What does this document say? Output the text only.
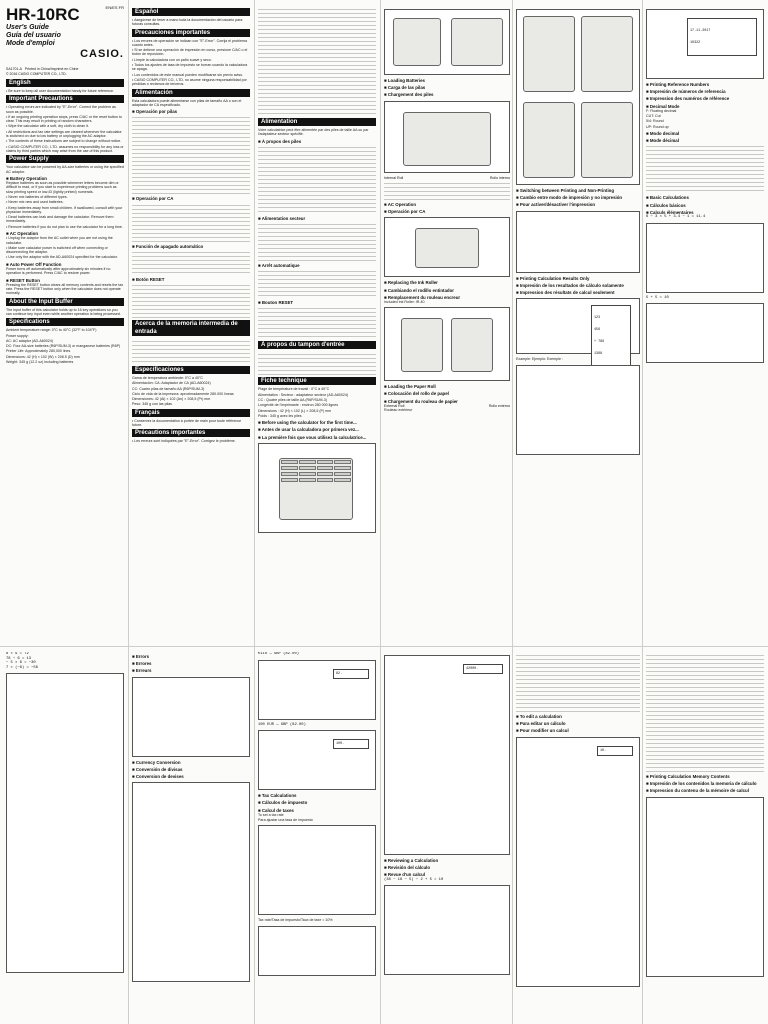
HR-10RC	EN/ES FR
User's Guide
Guía del usuario
Mode d'emploi
CASIO.
SA1701-A Printed in China/Imprimé en Chine
© 2016 CASIO COMPUTER CO., LTD.
English
• Be sure to keep all user documentation handy for future reference.
Important Precautions
• Operating errors are indicated by "E"-Error". Correct the problem as soon as possible.
• If an ongoing printing operation stops, press C/AC or the reset button to clear. This may result in printing of random characters.
• Wipe the calculator with a soft, dry cloth to clean it.
• All restrictions and tax rate settings are cleared whenever the calculator is switched on due to low battery or unplugging the AC adaptor.
• The contents of these instructions are subject to change without notice.
• CASIO COMPUTER CO., LTD. assumes no responsibility for any loss or claims by third parties which may arise from the use of this product.
Power Supply
Your calculator can be powered by AA-size batteries or using the specified AC adaptor.
■ Battery Operation
Replace batteries as soon as possible whenever letters become dim or difficult to read, or if you start to experience printing problems such as slow printing speed or low-ID (lightly printed) numerals.
• Never mix batteries of different types.
• Never mix new and used batteries.
• Keep batteries away from small children. If swallowed, consult with your physician immediately.
• Dead batteries can leak and damage the calculator. Remove them immediately.
• Remove batteries if you do not plan to use the calculator for a long time.
■ AC Operation
• Unplug the adaptor from the AC outlet when you are not using the calculator.
• Make sure calculator power is switched off when connecting or disconnecting the adaptor.
• Use only the adaptor with the AD-A60024 specified for the calculator.
■ Auto Power Off Function
Power turns off automatically after approximately six minutes if no operation is performed. Press C/AC to restore power.
■ RESET Button
Pressing the RESET button clears all memory contents and resets the tax rate. Press the RESET button only when the calculator does not operate normally.
About the Input Buffer
The input buffer of this calculator holds up to 16 key operations so you can continue key input even while another operation is being processed.
Specifications
Ambient temperature range: 0°C to 40°C (32°F to 104°F)
Power supply:
AC: AC adaptor (AD-A60024)
DC: Four AA-size batteries (R6P/SUM-3) or manganese batteries (R6P)
Printer Life: Approximately 280,000 lines
Dimensions: 42 (H) × 102 (W) × 208.5 (D) mm
Weight: 345 g (12.2 oz) including batteries
Español
• Asegúrese de tener a mano toda la documentación del usuario para futuras consultas.
Precauciones importantes
• Los errores de operación se indican con "E"-Error". Corrija el problema cuanto antes.
• Si se detiene una operación de impresión en curso, presione C/AC o el botón de reposición.
• Limpie la calculadora con un paño suave y seco.
• Todos los ajustes de tasa de impuesto se borran cuando la calculadora se apaga.
• Los contenidos de este manual pueden modificarse sin previo aviso.
• CASIO COMPUTER CO., LTD. no asume ninguna responsabilidad por pérdidas o reclamos de terceros.
Alimentación
Esta calculadora puede alimentarse con pilas de tamaño AA o con el adaptador de CA especificado.
■ Operación por pilas
■ Operación por CA
■ Función de apagado automático
■ Botón RESET
Acerca de la memoria intermedia de entrada
Especificaciones
Gama de temperatura ambiente: 0°C a 40°C
Alimentación: CA: Adaptador de CA (AD-A60024)
CC: Cuatro pilas de tamaño AA (R6P/SUM-3)
Ciclo de vida de la impresora: aproximadamente 280.000 líneas
Dimensiones: 42 (Al) × 102 (An) × 208,5 (Pr) mm
Peso: 345 g con las pilas
Français
• Conservez la documentation à portée de main pour toute référence future.
Précautions importantes
• Les erreurs sont indiquées par "E"-Error". Corrigez le problème.
Alimentation
Votre calculatrice peut être alimentée par des piles de taille AA ou par l'adaptateur secteur spécifié.
■ À propos des piles
■ Alimentation secteur
■ Arrêt automatique
■ Bouton RESET
À propos du tampon d'entrée
Fiche technique
Plage de température de travail : 0°C à 40°C
Alimentation : Secteur : adaptateur secteur (AD-A60024)
CC : Quatre piles de taille AA (R6P/SUM-3)
Longévité de l'imprimante : environ 280 000 lignes
Dimensions : 42 (H) × 102 (L) × 208,5 (P) mm
Poids : 345 g avec les piles
■ Before using the calculator for the first time...
■ Antes de usar la calculadora por primera vez...
■ La première fois que vous utilisez la calculatrice...
■ Loading Batteries
■ Carga de las pilas
■ Chargement des piles
Internal Roll	Rollo interno
■ AC Operation
■ Operación por CA
■ Replacing the Ink Roller
■ Cambiando el rodillo entintador
■ Remplacement du rouleau encreur
Included Ink Roller: IR-40
■ Loading the Paper Roll
■ Colocación del rollo de papel
■ Chargement du rouleau de papier
External Roll	Rollo externo
Rouleau extérieur
■ Switching between Printing and Non-Printing
■ Cambio entre modo de impresión y no impresión
■ Pour activer/désactiver l'impression
■ Printing Calculation Results Only
■ Impresión de los resultados de cálculo solamente
■ Impression des résultats de calcul seulement

123

456

+ 789

1368

Example: Ejemplo: Exemple :

17.11.2017

10322

■ Printing Reference Numbers
■ Impresión de números de referencia
■ Impression des numéros de référence
■ Decimal Mode
F: Floating decimal
CUT: Cut
5/4: Round
UP: Round up
■ Modo decimal
■ Mode décimal
■ Basic Calculations
■ Cálculos básicos
■ Calculs élémentaires
6 ÷ 3 × 5 + 3.4 − 1 = 11.4
5 + 5 = 10
8 × 9 = 72
78 ÷ 6 = 13
− 5 × 6 = −30
7 × (−8) = −56
■ Errors
■ Errores
■ Erreurs
■ Currency Conversion
■ Conversión de divisas
■ Conversion de devises
€110 → GBP (82.00)
82.
100 EUR → GBP (82.00)
100.
■ Tax Calculations
■ Cálculos de impuesto
■ Calcul de taxes
To set a tax rate
Para ajustar una tasa de impuesto
Tax rate/Tasa de impuesto/Taux de taxe = 10%
42000.
■ Reviewing a Calculation
■ Revisión del cálculo
■ Revue d'un calcul
(38 − 18 − 5) ÷ 2 + 5 = 10
■ To edit a calculation
■ Para editar un cálculo
■ Pour modifier un calcul
10.
■ Printing Calculation Memory Contents
■ Impresión de los contenidos la memoria de cálculo
■ Impression du contenu de la mémoire de calcul
